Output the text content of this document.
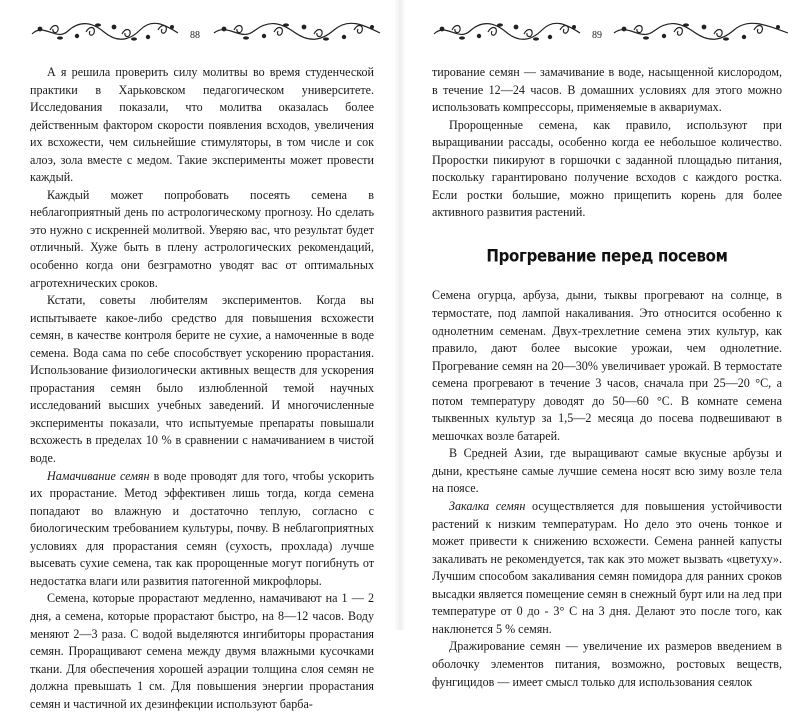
88

А я решила проверить силу молитвы во время студенческой практики в Харьковском педагогическом университете. Исследования показали, что молитва оказалась более действенным фактором скорости появления всходов, увеличения их всхожести, чем сильнейшие стимуляторы, в том числе и сок алоэ, зола вместе с медом. Такие эксперименты может провести каждый.

Каждый может попробовать посеять семена в неблагоприятный день по астрологическому прогнозу. Но сделать это нужно с искренней молитвой. Уверяю вас, что результат будет отличный. Хуже быть в плену астрологических рекомендаций, особенно когда они безграмотно уводят вас от оптимальных агротехнических сроков.

Кстати, советы любителям экспериментов. Когда вы испытываете какое-либо средство для повышения всхожести семян, в качестве контроля берите не сухие, а намоченные в воде семена. Вода сама по себе способствует ускорению прорастания. Использование физиологически активных веществ для ускорения прорастания семян было излюбленной темой научных исследований высших учебных заведений. И многочисленные эксперименты показали, что испытуемые препараты повышали всхожесть в пределах 10 % в сравнении с намачиванием в чистой воде.

Намачивание семян в воде проводят для того, чтобы ускорить их прорастание. Метод эффективен лишь тогда, когда семена попадают во влажную и достаточно теплую, согласно с биологическим требованием культуры, почву. В неблагоприятных условиях для прорастания семян (сухость, прохлада) лучше высевать сухие семена, так как пророщенные могут погибнуть от недостатка влаги или развития патогенной микрофлоры.

Семена, которые прорастают медленно, намачивают на 1 — 2 дня, а семена, которые прорастают быстро, на 8—12 часов. Воду меняют 2—3 раза. С водой выделяются ингибиторы прорастания семян. Проращивают семена между двумя влажными кусочками ткани. Для обеспечения хорошей аэрации толщина слоя семян не должна превышать 1 см. Для повышения энергии прорастания семян и частичной их дезинфекции используют барба-

89

тирование семян — замачивание в воде, насыщенной кислородом, в течение 12—24 часов. В домашних условиях для этого можно использовать компрессоры, применяемые в аквариумах.

Пророщенные семена, как правило, используют при выращивании рассады, особенно когда ее небольшое количество. Проростки пикируют в горшочки с заданной площадью питания, поскольку гарантировано получение всходов с каждого ростка. Если ростки большие, можно прищепить корень для более активного развития растений.

Прогревание перед посевом

Семена огурца, арбуза, дыни, тыквы прогревают на солнце, в термостате, под лампой накаливания. Это относится особенно к однолетним семенам. Двух-трехлетние семена этих культур, как правило, дают более высокие урожаи, чем однолетние. Прогревание семян на 20—30% увеличивает урожай. В термостате семена прогревают в течение 3 часов, сначала при 25—20 °С, а потом температуру доводят до 50—60 °С. В комнате семена тыквенных культур за 1,5—2 месяца до посева подвешивают в мешочках возле батарей.

В Средней Азии, где выращивают самые вкусные арбузы и дыни, крестьяне самые лучшие семена носят всю зиму возле тела на поясе.

Закалка семян осуществляется для повышения устойчивости растений к низким температурам. Но дело это очень тонкое и может привести к снижению всхожести. Семена ранней капусты закаливать не рекомендуется, так как это может вызвать «цветуху». Лучшим способом закаливания семян помидора для ранних сроков высадки является помещение семян в снежный бурт или на лед при температуре от 0 до - 3° С на 3 дня. Делают это после того, как наклюнется 5 % семян.

Дражирование семян — увеличение их размеров введением в оболочку элементов питания, возможно, ростовых веществ, фунгицидов — имеет смысл только для использования сеялок
